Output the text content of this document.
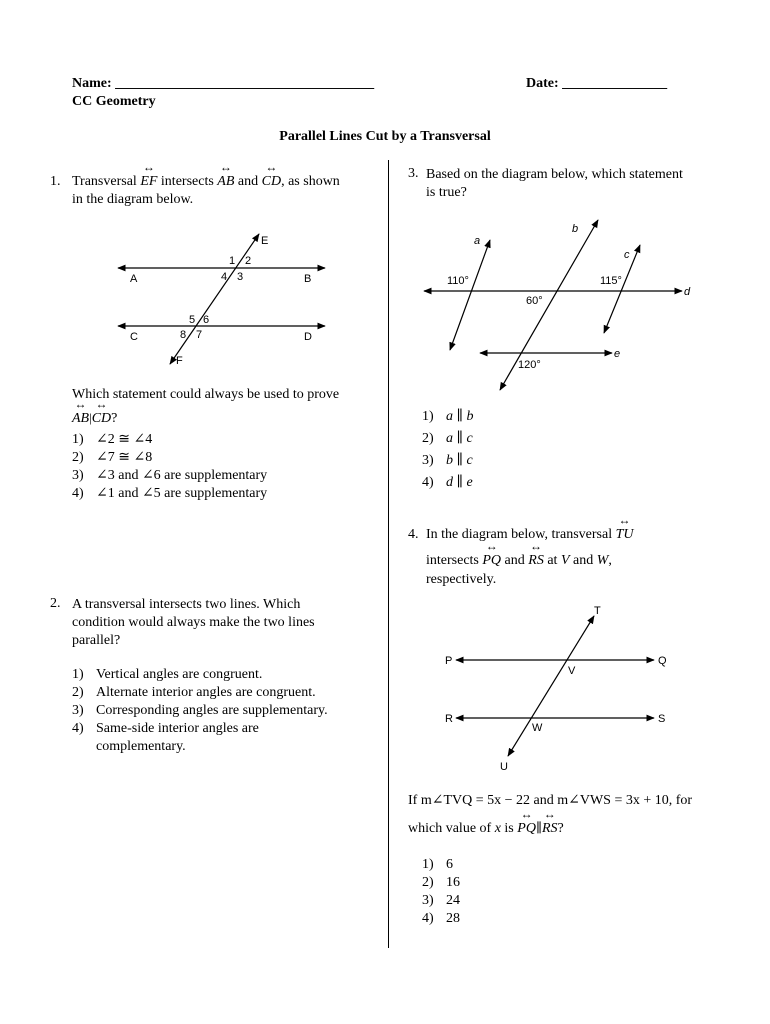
Name: _____________________________________	Date: _______________
CC Geometry
Parallel Lines Cut by a Transversal
1. Transversal ↔ EF intersects ↔ AB and ↔ CD, as shown
in the diagram below.
A	B
C	D
E
F
1 2
3
4
5 6
7
8
Which statement could always be used to prove
↔ AB|↔ CD?
1) ∠2 ≅ ∠4
2) ∠7 ≅ ∠8
3) ∠3 and ∠6 are supplementary
4) ∠1 and ∠5 are supplementary
2. A transversal intersects two lines. Which
condition would always make the two lines
parallel?
1) Vertical angles are congruent.
2) Alternate interior angles are congruent.
3) Corresponding angles are supplementary.
4) Same-side interior angles are
complementary.
3. Based on the diagram below, which statement
is true?
a
b
c
d
e
110°	115°
60°
120°
1) a ∥ b
2) a ∥ c
3) b ∥ c
4) d ∥ e
4. In the diagram below, transversal ↔ TU
intersects ↔ PQ and ↔ RS at V and W,
respectively.
T
U
P	Q
R	S
V
W
If m∠TVQ = 5x − 22 and m∠VWS = 3x + 10, for
which value of x is ↔ PQ∥↔ RS?
1) 6
2) 16
3) 24
4) 28
